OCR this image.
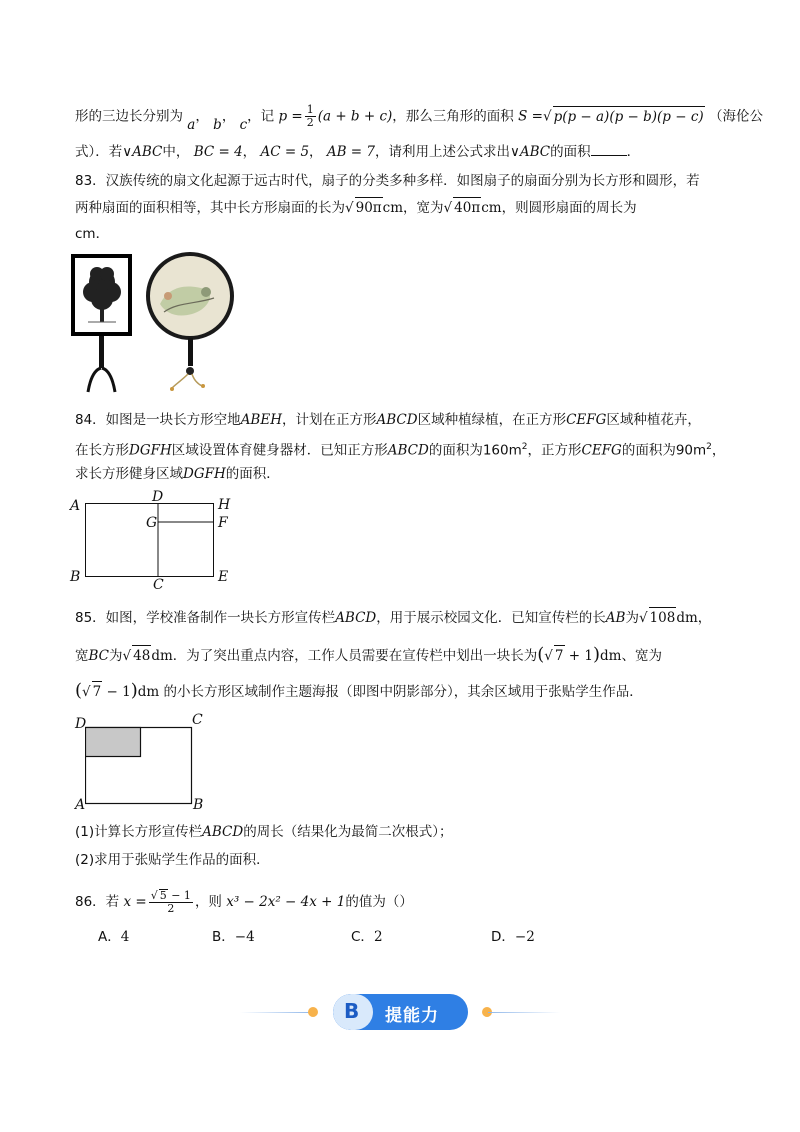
形的三边长分别为 a， b， c，记 $p = \frac{1}{2} (a + b + c)$，那么三角形的面积 S =√ p(p − a)(p − b)(p − c) （海伦公
式）．若∨ABC中， BC = 4， AC = 5， AB = 7，请利用上述公式求出∨ABC的面积	．
83．汉族传统的扇文化起源于远古时代，扇子的分类多种多样．如图扇子的扇面分别为长方形和圆形，若
两种扇面的面积相等，其中长方形扇面的长为√ 90πcm，宽为√ 40πcm，则圆形扇面的周长为
cm．
84．如图是一块长方形空地ABEH，计划在正方形ABCD区域种植绿植，在正方形CEFG区域种植花卉，
在长方形DGFH区域设置体育健身器材．已知正方形ABCD的面积为$160m^2$，正方形CEFG的面积为$90m^2$，
求长方形健身区域DGFH的面积．
A
B	C
D
E
F
G
H
85．如图，学校准备制作一块长方形宣传栏ABCD，用于展示校园文化．已知宣传栏的长AB为√ 108dm，
宽BC为√ 48dm．为了突出重点内容，工作人员需要在宣传栏中划出一块长为(√ 7 + 1)dm、宽为
(√ 7 − 1)dm 的小长方形区域制作主题海报（即图中阴影部分），其余区域用于张贴学生作品．
D	C
A	B
(1)计算长方形宣传栏ABCD的周长（结果化为最简二次根式）；
(2)求用于张贴学生作品的面积．
86．若 $x = \frac{√ 5 - 1}{2}$ ，则 x³ − 2x² − 4x + 1的值为（）
A．4	B．−4	C．2	D．−2
B 提能力
